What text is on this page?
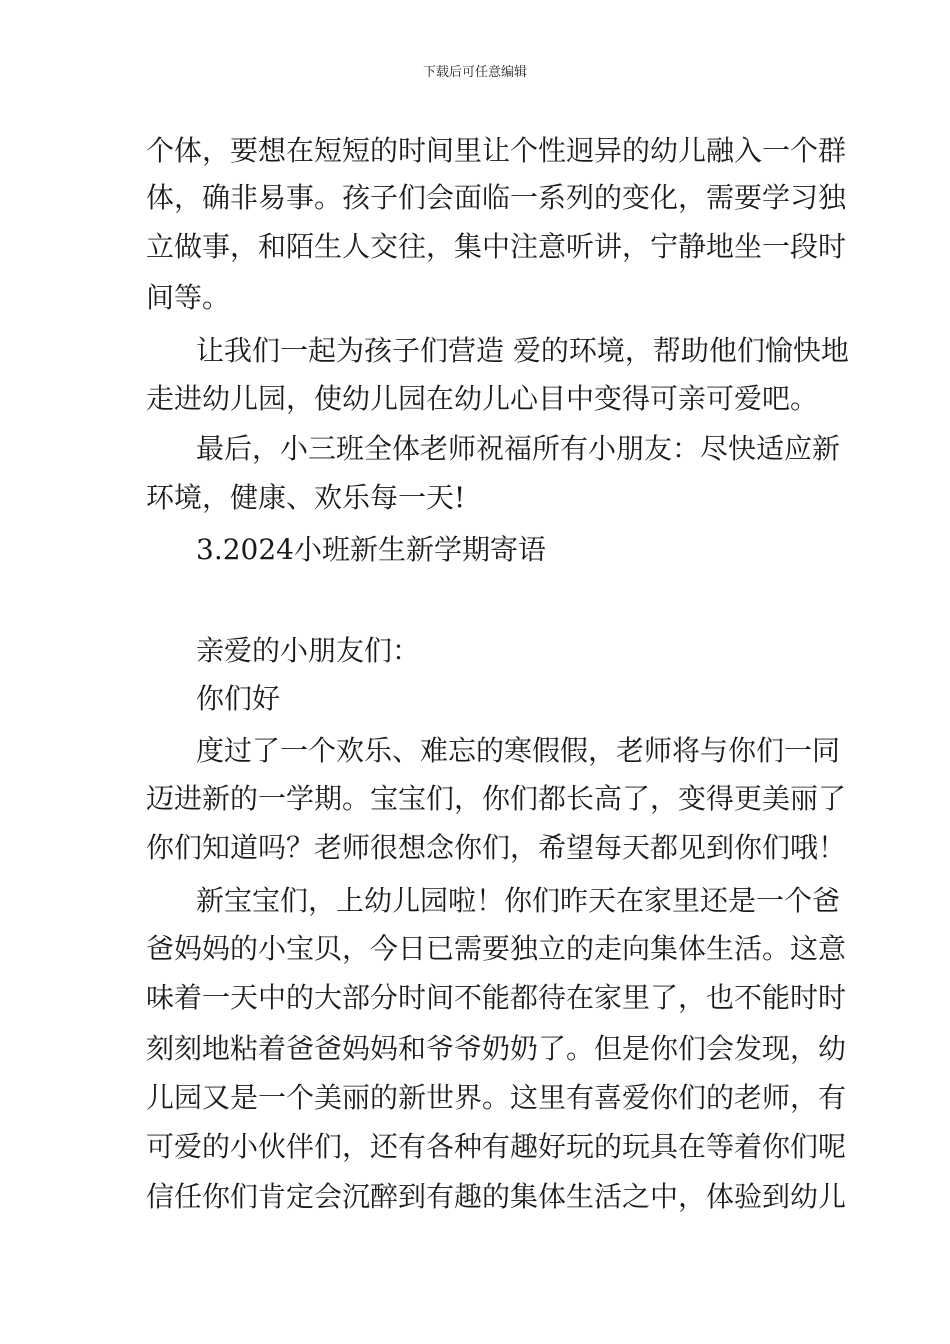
下载后可任意编辑
个体，要想在短短的时间里让个性迥异的幼儿融入一个群
体，确非易事。孩子们会面临一系列的变化，需要学习独
立做事，和陌生人交往，集中注意听讲，宁静地坐一段时
间等。
让我们一起为孩子们营造 爱的环境，帮助他们愉快地
走进幼儿园，使幼儿园在幼儿心目中变得可亲可爱吧。
最后，小三班全体老师祝福所有小朋友：尽快适应新
环境，健康、欢乐每一天!
3.2024小班新生新学期寄语
亲爱的小朋友们：
你们好
度过了一个欢乐、难忘的寒假假，老师将与你们一同
迈进新的一学期。宝宝们，你们都长高了，变得更美丽了
你们知道吗？老师很想念你们，希望每天都见到你们哦！
新宝宝们，上幼儿园啦！你们昨天在家里还是一个爸
爸妈妈的小宝贝，今日已需要独立的走向集体生活。这意
味着一天中的大部分时间不能都待在家里了，也不能时时
刻刻地粘着爸爸妈妈和爷爷奶奶了。但是你们会发现，幼
儿园又是一个美丽的新世界。这里有喜爱你们的老师，有
可爱的小伙伴们，还有各种有趣好玩的玩具在等着你们呢
信任你们肯定会沉醉到有趣的集体生活之中，体验到幼儿
